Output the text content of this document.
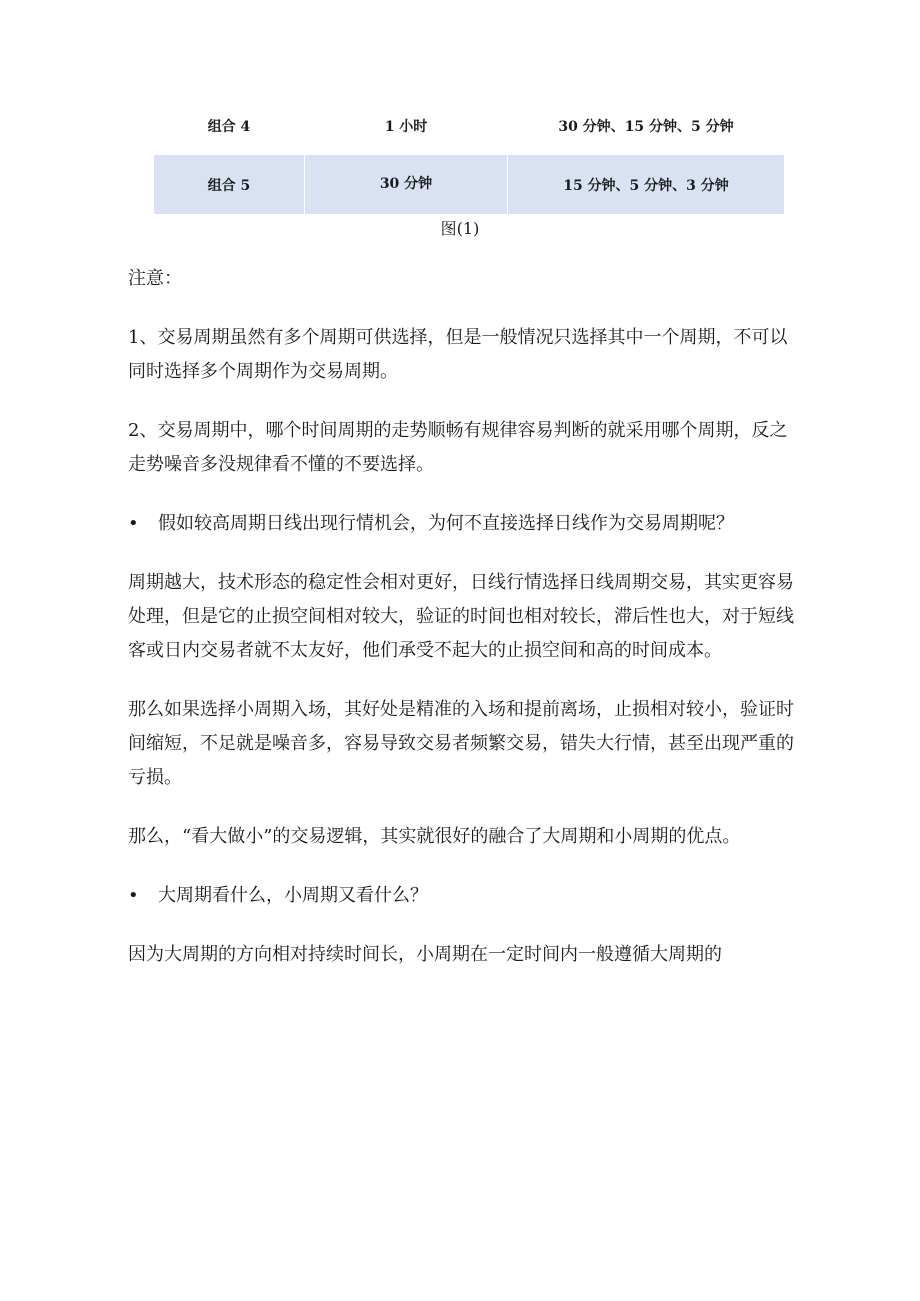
组合 4	1 小时	30 分钟、15 分钟、5 分钟
组合 5	30 分钟	15 分钟、5 分钟、3 分钟
图(1)

注意：

1、交易周期虽然有多个周期可供选择，但是一般情况只选择其中一个周期，不可以同时选择多个周期作为交易周期。

2、交易周期中，哪个时间周期的走势顺畅有规律容易判断的就采用哪个周期，反之走势噪音多没规律看不懂的不要选择。

• 假如较高周期日线出现行情机会，为何不直接选择日线作为交易周期呢？

周期越大，技术形态的稳定性会相对更好，日线行情选择日线周期交易，其实更容易处理，但是它的止损空间相对较大，验证的时间也相对较长，滞后性也大，对于短线客或日内交易者就不太友好，他们承受不起大的止损空间和高的时间成本。

那么如果选择小周期入场，其好处是精准的入场和提前离场，止损相对较小，验证时间缩短，不足就是噪音多，容易导致交易者频繁交易，错失大行情，甚至出现严重的亏损。

那么，“看大做小”的交易逻辑，其实就很好的融合了大周期和小周期的优点。

• 大周期看什么，小周期又看什么？

因为大周期的方向相对持续时间长，小周期在一定时间内一般遵循大周期的
